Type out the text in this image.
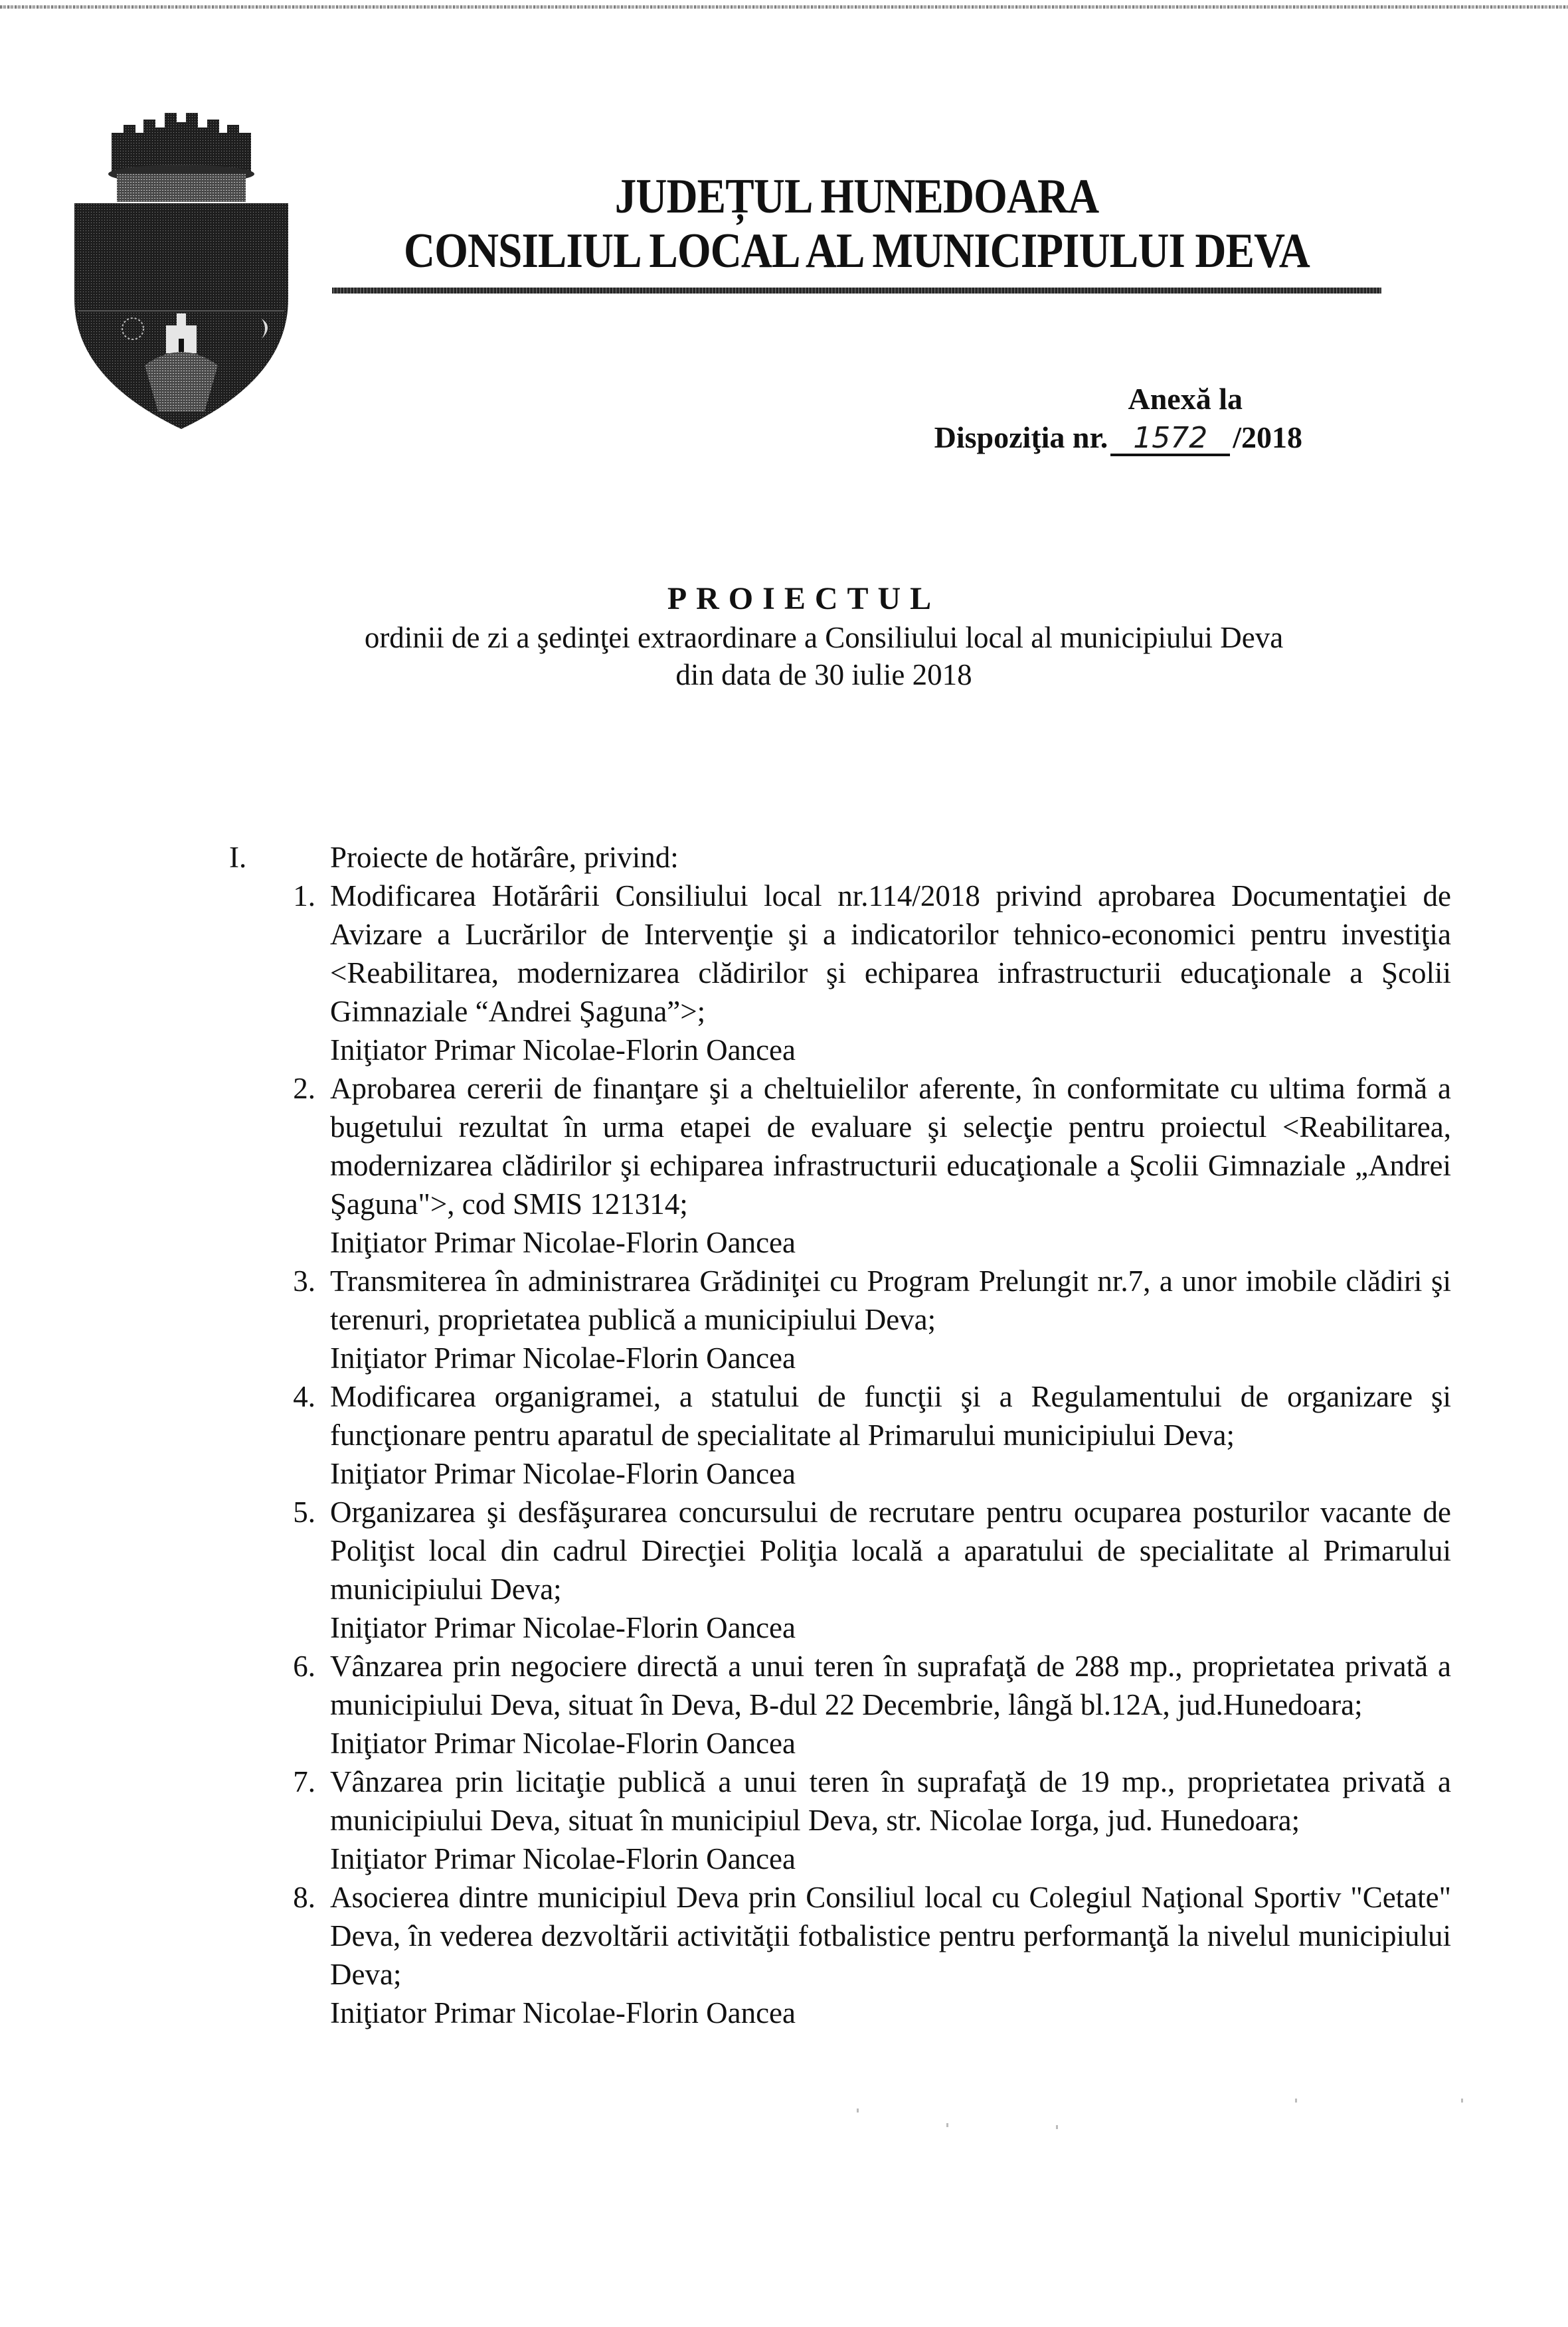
JUDEȚUL HUNEDOARA
CONSILIUL LOCAL AL MUNICIPIULUI DEVA
Anexă la
Dispoziţia nr. 1572 /2018
PROIECTUL
ordinii de zi a şedinţei extraordinare a Consiliului local al municipiului Deva
din data de 30 iulie 2018
I.	Proiecte de hotărâre, privind:
1. Modificarea Hotărârii Consiliului local nr.114/2018 privind aprobarea Documentaţiei de Avizare a Lucrărilor de Intervenţie şi a indicatorilor tehnico-economici pentru investiţia <Reabilitarea, modernizarea clădirilor şi echiparea infrastructurii educaţionale a Şcolii Gimnaziale “Andrei Şaguna”>;
Iniţiator Primar Nicolae-Florin Oancea
2. Aprobarea cererii de finanţare şi a cheltuielilor aferente, în conformitate cu ultima formă a bugetului rezultat în urma etapei de evaluare şi selecţie pentru proiectul <Reabilitarea, modernizarea clădirilor şi echiparea infrastructurii educaţionale a Şcolii Gimnaziale „Andrei Şaguna">, cod SMIS 121314;
Iniţiator Primar Nicolae-Florin Oancea
3. Transmiterea în administrarea Grădiniţei cu Program Prelungit nr.7, a unor imobile clădiri şi terenuri, proprietatea publică a municipiului Deva;
Iniţiator Primar Nicolae-Florin Oancea
4. Modificarea organigramei, a statului de funcţii şi a Regulamentului de organizare şi funcţionare pentru aparatul de specialitate al Primarului municipiului Deva;
Iniţiator Primar Nicolae-Florin Oancea
5. Organizarea şi desfăşurarea concursului de recrutare pentru ocuparea posturilor vacante de Poliţist local din cadrul Direcţiei Poliţia locală a aparatului de specialitate al Primarului municipiului Deva;
Iniţiator Primar Nicolae-Florin Oancea
6. Vânzarea prin negociere directă a unui teren în suprafaţă de 288 mp., proprietatea privată a municipiului Deva, situat în Deva, B-dul 22 Decembrie, lângă bl.12A, jud.Hunedoara;
Iniţiator Primar Nicolae-Florin Oancea
7. Vânzarea prin licitaţie publică a unui teren în suprafaţă de 19 mp., proprietatea privată a municipiului Deva, situat în municipiul Deva, str. Nicolae Iorga, jud. Hunedoara;
Iniţiator Primar Nicolae-Florin Oancea
8. Asocierea dintre municipiul Deva prin Consiliul local cu Colegiul Naţional Sportiv "Cetate" Deva, în vederea dezvoltării activităţii fotbalistice pentru performanţă la nivelul municipiului Deva;
Iniţiator Primar Nicolae-Florin Oancea
